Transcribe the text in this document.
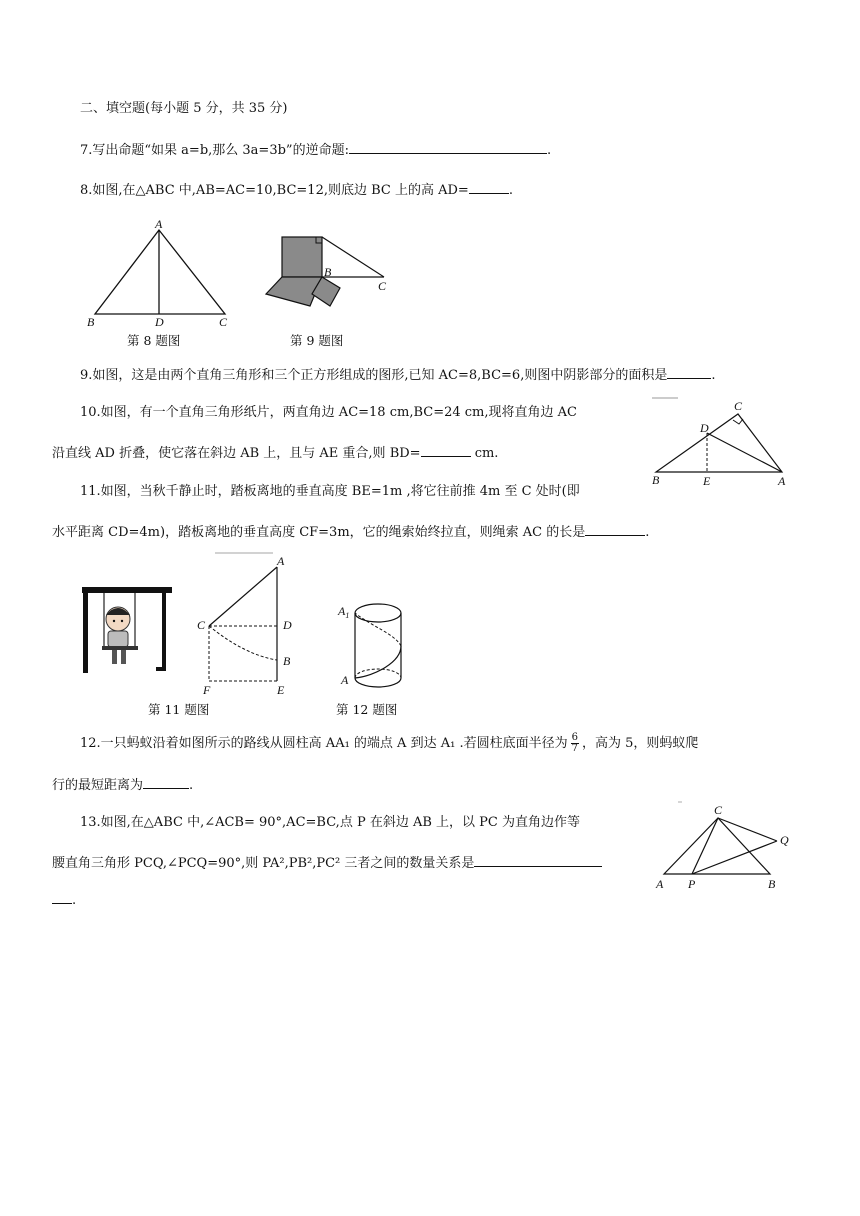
二、填空题(每小题 5 分，共 35 分)
7.写出命题“如果 a=b,那么 3a=3b”的逆命题:	.
8.如图,在△ABC 中,AB=AC=10,BC=12,则底边 BC 上的高 AD=	.
A
B	D	C
第 8 题图
B
C
第 9 题图
9.如图，这是由两个直角三角形和三个正方形组成的图形,已知 AC=8,BC=6,则图中阴影部分的面积是	.
10.如图，有一个直角三角形纸片，两直角边 AC=18 cm,BC=24 cm,现将直角边 AC
沿直线 AD 折叠，使它落在斜边 AB 上，且与 AE 重合,则 BD=	cm.
C
D
B	E	A
11.如图，当秋千静止时，踏板离地的垂直高度 BE=1m ,将它往前推 4m 至 C 处时(即
水平距离 CD=4m)，踏板离地的垂直高度 CF=3m，它的绳索始终拉直，则绳索 AC 的长是	.
A
C	D
B
F	E
第 11 题图
$A_1$
A
第 12 题图
12.一只蚂蚁沿着如图所示的路线从圆柱高 AA₁ 的端点 A 到达 A₁ .若圆柱底面半径为 $\frac{6}{7}$ ，高为 5，则蚂蚁爬
行的最短距离为	.
13.如图,在△ABC 中,∠ACB= 90°,AC=BC,点 P 在斜边 AB 上，以 PC 为直角边作等
腰直角三角形 PCQ,∠PCQ=90°,则 PA²,PB²,PC² 三者之间的数量关系是
.
C
Q
A P	B
